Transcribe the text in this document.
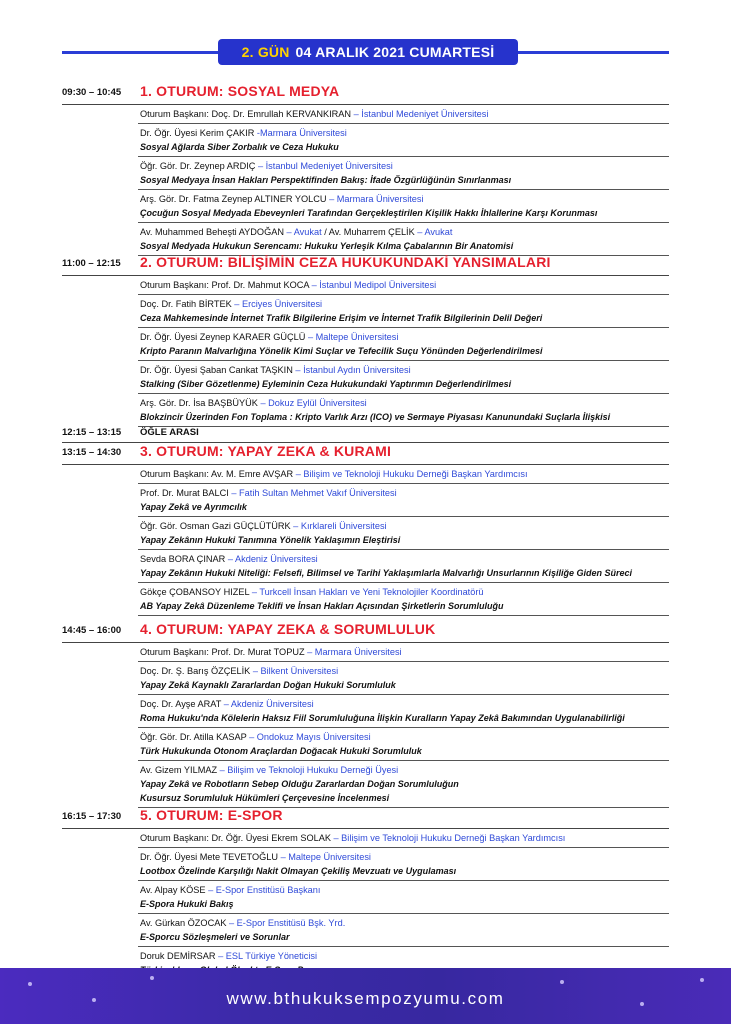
2. GÜN 04 ARALIK 2021 CUMARTESİ
09:30 – 10:45 1. OTURUM: SOSYAL MEDYA
Oturum Başkanı: Doç. Dr. Emrullah KERVANKIRAN – İstanbul Medeniyet Üniversitesi
Dr. Öğr. Üyesi Kerim ÇAKIR -Marmara Üniversitesi
Sosyal Ağlarda Siber Zorbalık ve Ceza Hukuku
Öğr. Gör. Dr. Zeynep ARDIÇ – İstanbul Medeniyet Üniversitesi
Sosyal Medyaya İnsan Hakları Perspektifinden Bakış: İfade Özgürlüğünün Sınırlanması
Arş. Gör. Dr. Fatma Zeynep ALTINER YOLCU – Marmara Üniversitesi
Çocuğun Sosyal Medyada Ebeveynleri Tarafından Gerçekleştirilen Kişilik Hakkı İhlallerine Karşı Korunması
Av. Muhammed Beheşti AYDOĞAN – Avukat / Av. Muharrem ÇELİK – Avukat
Sosyal Medyada Hukukun Serencamı: Hukuku Yerleşik Kılma Çabalarının Bir Anatomisi
11:00 – 12:15 2. OTURUM: BİLİŞİMİN CEZA HUKUKUNDAKİ YANSIMALARI
Oturum Başkanı: Prof. Dr. Mahmut KOCA – İstanbul Medipol Üniversitesi
Doç. Dr. Fatih BİRTEK – Erciyes Üniversitesi
Ceza Mahkemesinde İnternet Trafik Bilgilerine Erişim ve İnternet Trafik Bilgilerinin Delil Değeri
Dr. Öğr. Üyesi Zeynep KARAER GÜÇLÜ – Maltepe Üniversitesi
Kripto Paranın Malvarlığına Yönelik Kimi Suçlar ve Tefecilik Suçu Yönünden Değerlendirilmesi
Dr. Öğr. Üyesi Şaban Cankat TAŞKIN – İstanbul Aydın Üniversitesi
Stalking (Siber Gözetlenme) Eyleminin Ceza Hukukundaki Yaptırımın Değerlendirilmesi
Arş. Gör. Dr. İsa BAŞBÜYÜK – Dokuz Eylül Üniversitesi
Blokzincir Üzerinden Fon Toplama : Kripto Varlık Arzı (ICO) ve Sermaye Piyasası Kanunundaki Suçlarla İlişkisi
13:15 – 14:30 3. OTURUM: YAPAY ZEKA & KURAMI
Oturum Başkanı: Av. M. Emre AVŞAR – Bilişim ve Teknoloji Hukuku Derneği Başkan Yardımcısı
Prof. Dr. Murat BALCI – Fatih Sultan Mehmet Vakıf Üniversitesi
Yapay Zekâ ve Ayrımcılık
Öğr. Gör. Osman Gazi GÜÇLÜTÜRK – Kırklareli Üniversitesi
Yapay Zekânın Hukuki Tanımına Yönelik Yaklaşımın Eleştirisi
Sevda BORA ÇINAR – Akdeniz Üniversitesi
Yapay Zekânın Hukuki Niteliği: Felsefi, Bilimsel ve Tarihi Yaklaşımlarla Malvarlığı Unsurlarının Kişiliğe Giden Süreci
Gökçe ÇOBANSOY HIZEL – Turkcell İnsan Hakları ve Yeni Teknolojiler Koordinatörü
AB Yapay Zekâ Düzenleme Teklifi ve İnsan Hakları Açısından Şirketlerin Sorumluluğu
14:45 – 16:00 4. OTURUM: YAPAY ZEKA & SORUMLULUK
Oturum Başkanı: Prof. Dr. Murat TOPUZ – Marmara Üniversitesi
Doç. Dr. Ş. Barış ÖZÇELİK – Bilkent Üniversitesi
Yapay Zekâ Kaynaklı Zararlardan Doğan Hukuki Sorumluluk
Doç. Dr. Ayşe ARAT – Akdeniz Üniversitesi
Roma Hukuku'nda Kölelerin Haksız Fiil Sorumluluğuna İlişkin Kuralların Yapay Zekâ Bakımından Uygulanabilirliği
Öğr. Gör. Dr. Atilla KASAP – Ondokuz Mayıs Üniversitesi
Türk Hukukunda Otonom Araçlardan Doğacak Hukuki Sorumluluk
Av. Gizem YILMAZ – Bilişim ve Teknoloji Hukuku Derneği Üyesi
Yapay Zekâ ve Robotların Sebep Olduğu Zararlardan Doğan Sorumluluğun
Kusursuz Sorumluluk Hükümleri Çerçevesine İncelenmesi
16:15 – 17:30 5. OTURUM: E-SPOR
Oturum Başkanı: Dr. Öğr. Üyesi Ekrem SOLAK – Bilişim ve Teknoloji Hukuku Derneği Başkan Yardımcısı
Dr. Öğr. Üyesi Mete TEVETOĞLU – Maltepe Üniversitesi
Lootbox Özelinde Karşılığı Nakit Olmayan Çekiliş Mevzuatı ve Uygulaması
Av. Alpay KÖSE – E-Spor Enstitüsü Başkanı
E-Spora Hukuki Bakış
Av. Gürkan ÖZOCAK – E-Spor Enstitüsü Bşk. Yrd.
E-Sporcu Sözleşmeleri ve Sorunlar
Doruk DEMİRSAR – ESL Türkiye Yöneticisi
12:15 – 13:15 ÖĞLE ARASI
www.bthukuksempozyumu.com
